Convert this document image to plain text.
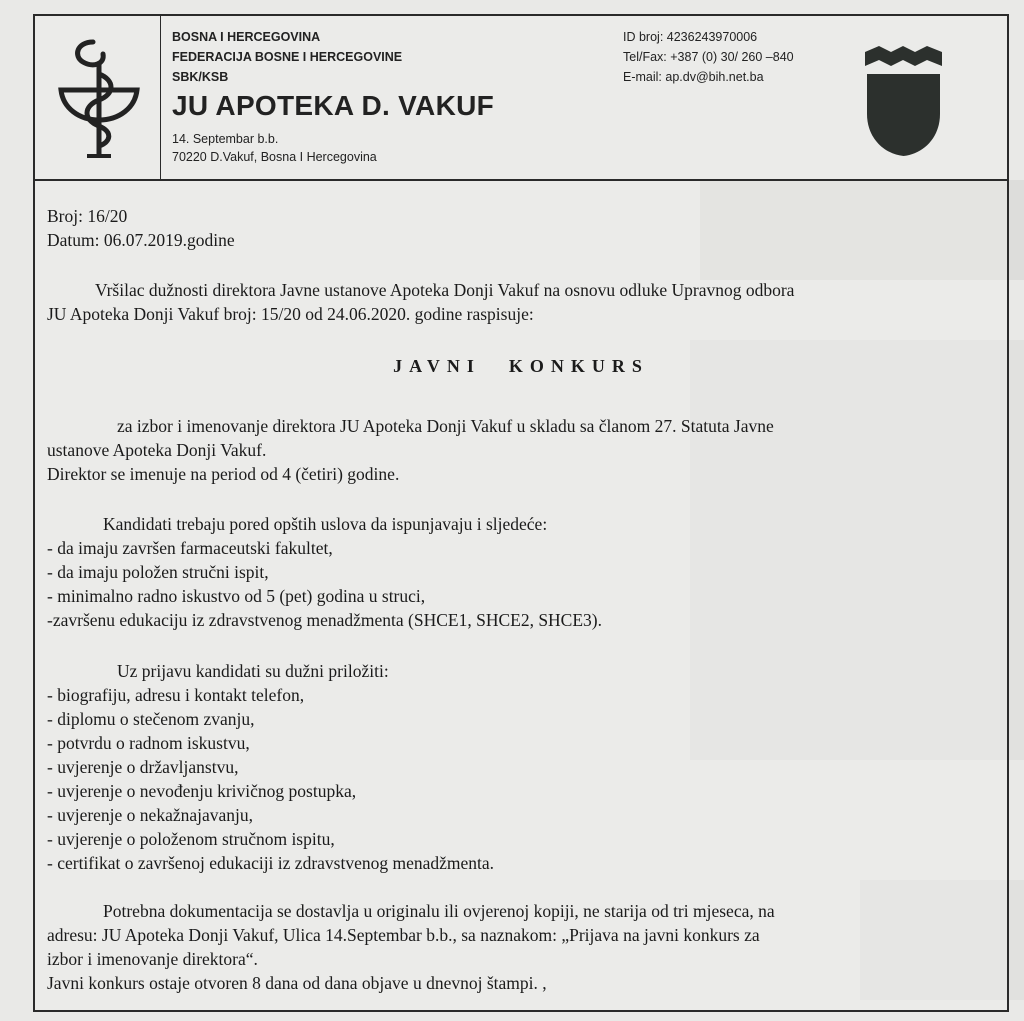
BOSNA I HERCEGOVINA
FEDERACIJA BOSNE I HERCEGOVINE
SBK/KSB
JU APOTEKA D. VAKUF
14. Septembar b.b.
70220 D.Vakuf, Bosna I Hercegovina
ID broj: 4236243970006
Tel/Fax: +387 (0) 30/ 260 –840
E-mail: ap.dv@bih.net.ba
Broj: 16/20
Datum: 06.07.2019.godine
Vršilac dužnosti direktora Javne ustanove Apoteka Donji Vakuf na osnovu odluke Upravnog odbora
JU Apoteka Donji Vakuf broj: 15/20 od 24.06.2020. godine raspisuje:
JAVNI KONKURS
za izbor i imenovanje direktora JU Apoteka Donji Vakuf u skladu sa članom 27. Statuta Javne
ustanove Apoteka Donji Vakuf.
Direktor se imenuje na period od 4 (četiri) godine.
Kandidati trebaju pored opštih uslova da ispunjavaju i sljedeće:
- da imaju završen farmaceutski fakultet,
- da imaju položen stručni ispit,
- minimalno radno iskustvo od 5 (pet) godina u struci,
-završenu edukaciju iz zdravstvenog menadžmenta (SHCE1, SHCE2, SHCE3).
Uz prijavu kandidati su dužni priložiti:
- biografiju, adresu i kontakt telefon,
- diplomu o stečenom zvanju,
- potvrdu o radnom iskustvu,
- uvjerenje o državljanstvu,
- uvjerenje o nevođenju krivičnog postupka,
- uvjerenje o nekažnajavanju,
- uvjerenje o položenom stručnom ispitu,
- certifikat o završenoj edukaciji iz zdravstvenog menadžmenta.
Potrebna dokumentacija se dostavlja u originalu ili ovjerenoj kopiji, ne starija od tri mjeseca, na
adresu: JU Apoteka Donji Vakuf, Ulica 14.Septembar b.b., sa naznakom: „Prijava na javni konkurs za
izbor i imenovanje direktora“.
Javni konkurs ostaje otvoren 8 dana od dana objave u dnevnoj štampi. ,
